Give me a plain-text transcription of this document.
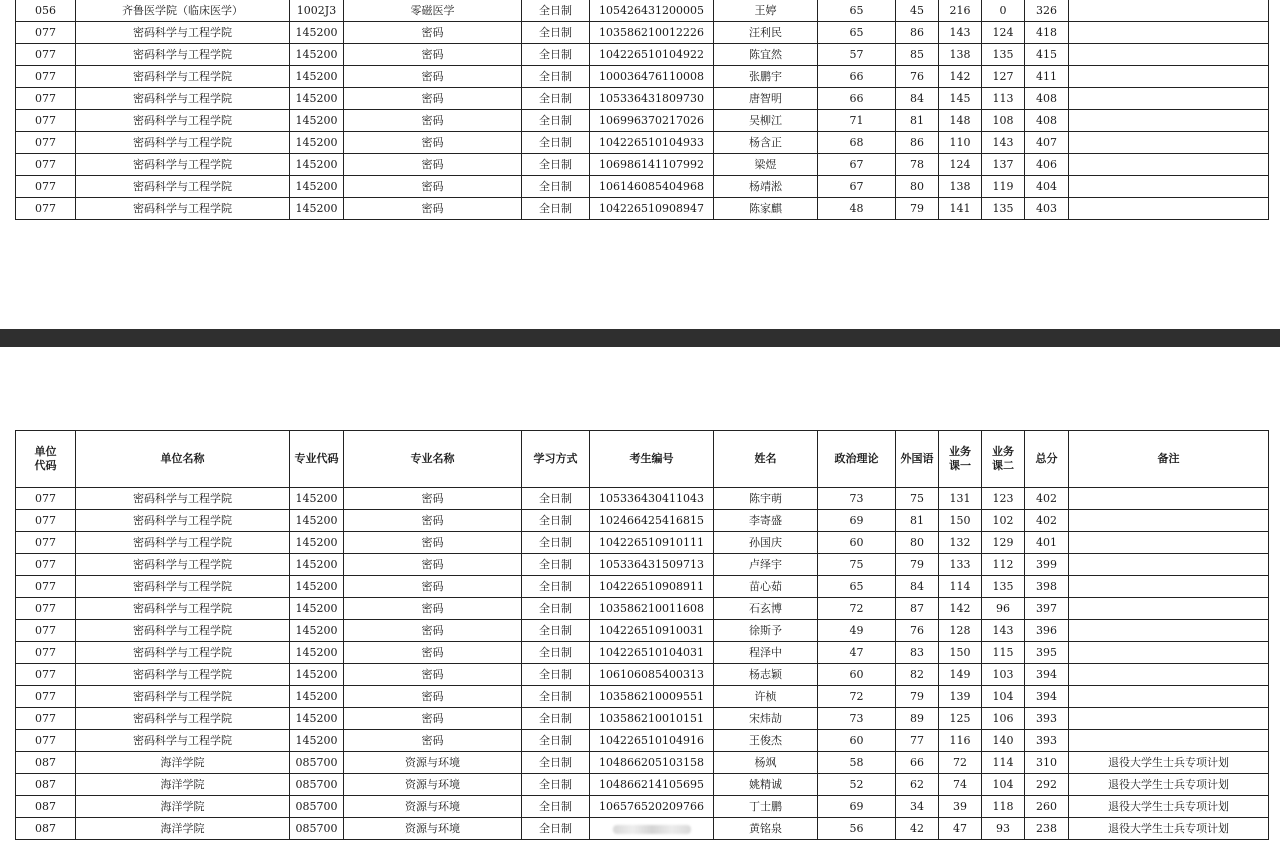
056	齐鲁医学院（临床医学）	1002J3	零磁医学	全日制	105426431200005	王婷	65	45	216	0	326	
077	密码科学与工程学院	145200	密码	全日制	103586210012226	汪利民	65	86	143	124	418	
077	密码科学与工程学院	145200	密码	全日制	104226510104922	陈宜然	57	85	138	135	415	
077	密码科学与工程学院	145200	密码	全日制	100036476110008	张鹏宇	66	76	142	127	411	
077	密码科学与工程学院	145200	密码	全日制	105336431809730	唐智明	66	84	145	113	408	
077	密码科学与工程学院	145200	密码	全日制	106996370217026	吴柳江	71	81	148	108	408	
077	密码科学与工程学院	145200	密码	全日制	104226510104933	杨含正	68	86	110	143	407	
077	密码科学与工程学院	145200	密码	全日制	106986141107992	梁煜	67	78	124	137	406	
077	密码科学与工程学院	145200	密码	全日制	106146085404968	杨靖淞	67	80	138	119	404	
077	密码科学与工程学院	145200	密码	全日制	104226510908947	陈家麒	48	79	141	135	403	
单位代码	单位名称	专业代码	专业名称	学习方式	考生编号	姓名	政治理论	外国语	业务课一	业务课二	总分	备注
077	密码科学与工程学院	145200	密码	全日制	105336430411043	陈宇萌	73	75	131	123	402	
077	密码科学与工程学院	145200	密码	全日制	102466425416815	李寄盛	69	81	150	102	402	
077	密码科学与工程学院	145200	密码	全日制	104226510910111	孙国庆	60	80	132	129	401	
077	密码科学与工程学院	145200	密码	全日制	105336431509713	卢绎宇	75	79	133	112	399	
077	密码科学与工程学院	145200	密码	全日制	104226510908911	苗心茹	65	84	114	135	398	
077	密码科学与工程学院	145200	密码	全日制	103586210011608	石玄博	72	87	142	96	397	
077	密码科学与工程学院	145200	密码	全日制	104226510910031	徐斯予	49	76	128	143	396	
077	密码科学与工程学院	145200	密码	全日制	104226510104031	程泽中	47	83	150	115	395	
077	密码科学与工程学院	145200	密码	全日制	106106085400313	杨志颖	60	82	149	103	394	
077	密码科学与工程学院	145200	密码	全日制	103586210009551	许桢	72	79	139	104	394	
077	密码科学与工程学院	145200	密码	全日制	103586210010151	宋炜劼	73	89	125	106	393	
077	密码科学与工程学院	145200	密码	全日制	104226510104916	王俊杰	60	77	116	140	393	
087	海洋学院	085700	资源与环境	全日制	104866205103158	杨飒	58	66	72	114	310	退役大学生士兵专项计划
087	海洋学院	085700	资源与环境	全日制	104866214105695	姚精诚	52	62	74	104	292	退役大学生士兵专项计划
087	海洋学院	085700	资源与环境	全日制	106576520209766	丁士鹏	69	34	39	118	260	退役大学生士兵专项计划
087	海洋学院	085700	资源与环境	全日制		黄铭泉	56	42	47	93	238	退役大学生士兵专项计划
